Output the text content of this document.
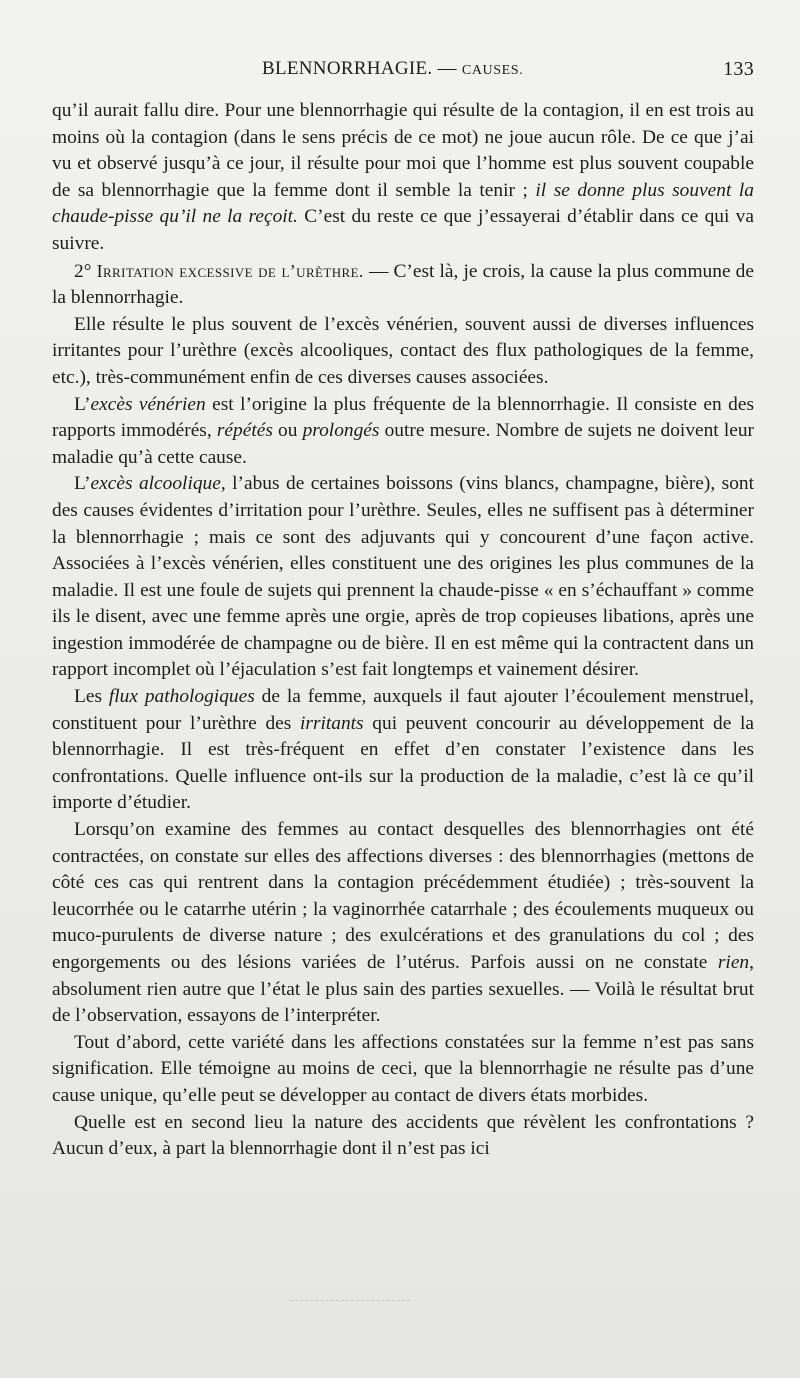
BLENNORRHAGIE. — CAUSES.	133

qu’il aurait fallu dire. Pour une blennorrhagie qui résulte de la contagion, il en est trois au moins où la contagion (dans le sens précis de ce mot) ne joue aucun rôle. De ce que j’ai vu et observé jusqu’à ce jour, il résulte pour moi que l’homme est plus souvent coupable de sa blennorrhagie que la femme dont il semble la tenir ; il se donne plus souvent la chaude-pisse qu’il ne la reçoit. C’est du reste ce que j’essayerai d’établir dans ce qui va suivre.

2° Irritation excessive de l’urèthre. — C’est là, je crois, la cause la plus commune de la blennorrhagie.

Elle résulte le plus souvent de l’excès vénérien, souvent aussi de diverses influences irritantes pour l’urèthre (excès alcooliques, contact des flux pathologiques de la femme, etc.), très-communément enfin de ces diverses causes associées.

L’excès vénérien est l’origine la plus fréquente de la blennorrhagie. Il consiste en des rapports immodérés, répétés ou prolongés outre mesure. Nombre de sujets ne doivent leur maladie qu’à cette cause.

L’excès alcoolique, l’abus de certaines boissons (vins blancs, champagne, bière), sont des causes évidentes d’irritation pour l’urèthre. Seules, elles ne suffisent pas à déterminer la blennorrhagie ; mais ce sont des adjuvants qui y concourent d’une façon active. Associées à l’excès vénérien, elles constituent une des origines les plus communes de la maladie. Il est une foule de sujets qui prennent la chaude-pisse « en s’échauffant » comme ils le disent, avec une femme après une orgie, après de trop copieuses libations, après une ingestion immodérée de champagne ou de bière. Il en est même qui la contractent dans un rapport incomplet où l’éjaculation s’est fait longtemps et vainement désirer.

Les flux pathologiques de la femme, auxquels il faut ajouter l’écoulement menstruel, constituent pour l’urèthre des irritants qui peuvent concourir au développement de la blennorrhagie. Il est très-fréquent en effet d’en constater l’existence dans les confrontations. Quelle influence ont-ils sur la production de la maladie, c’est là ce qu’il importe d’étudier.

Lorsqu’on examine des femmes au contact desquelles des blennorrhagies ont été contractées, on constate sur elles des affections diverses : des blennorrhagies (mettons de côté ces cas qui rentrent dans la contagion précédemment étudiée) ; très-souvent la leucorrhée ou le catarrhe utérin ; la vaginorrhée catarrhale ; des écoulements muqueux ou muco-purulents de diverse nature ; des exulcérations et des granulations du col ; des engorgements ou des lésions variées de l’utérus. Parfois aussi on ne constate rien, absolument rien autre que l’état le plus sain des parties sexuelles. — Voilà le résultat brut de l’observation, essayons de l’interpréter.

Tout d’abord, cette variété dans les affections constatées sur la femme n’est pas sans signification. Elle témoigne au moins de ceci, que la blennorrhagie ne résulte pas d’une cause unique, qu’elle peut se développer au contact de divers états morbides.

Quelle est en second lieu la nature des accidents que révèlent les confrontations ? Aucun d’eux, à part la blennorrhagie dont il n’est pas ici
